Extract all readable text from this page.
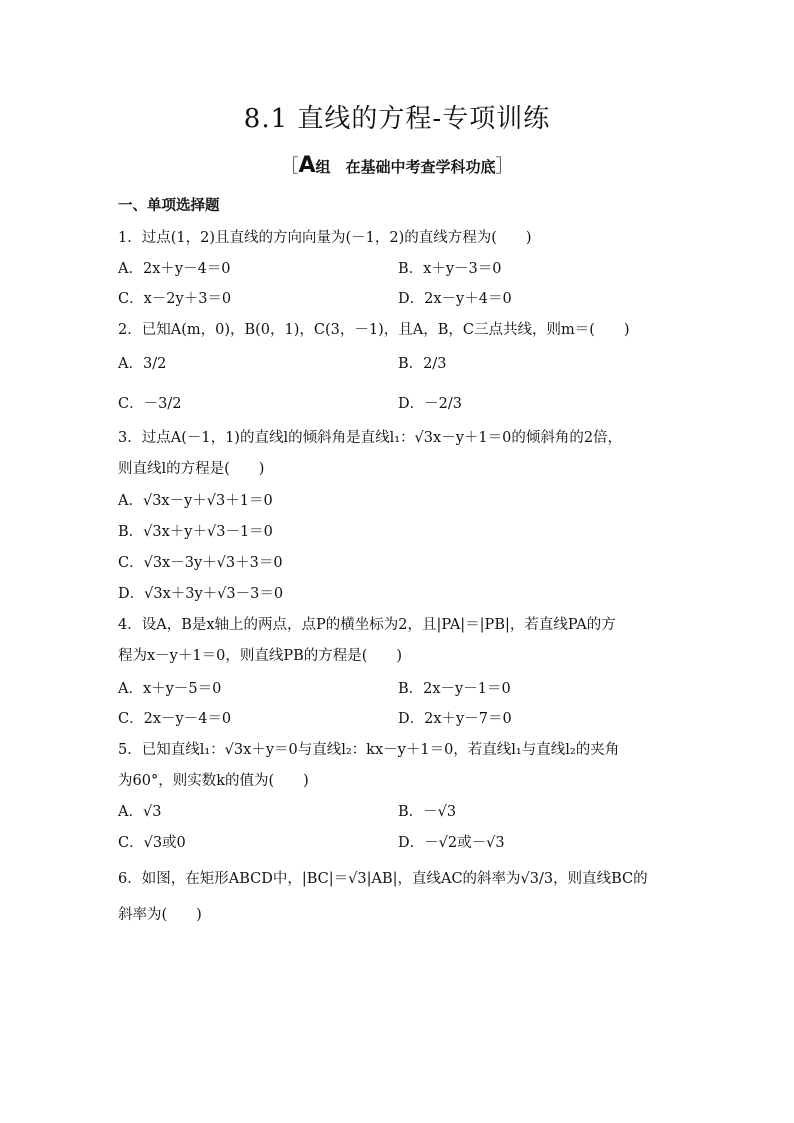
8.1 直线的方程-专项训练
［A组　在基础中考查学科功底］
一、单项选择题
1．过点(1，2)且直线的方向向量为(－1，2)的直线方程为(　　)
A．2x＋y－4＝0	B．x＋y－3＝0
C．x－2y＋3＝0	D．2x－y＋4＝0
2．已知A(m，0)，B(0，1)，C(3，－1)，且A，B，C三点共线，则m＝(　　)
A．3/2	B．2/3
C．－3/2	D．－2/3
3．过点A(－1，1)的直线l的倾斜角是直线l₁：√3x－y＋1＝0的倾斜角的2倍，
则直线l的方程是(　　)
A．√3x－y＋√3＋1＝0
B．√3x＋y＋√3－1＝0
C．√3x－3y＋√3＋3＝0
D．√3x＋3y＋√3－3＝0
4．设A，B是x轴上的两点，点P的横坐标为2，且|PA|＝|PB|，若直线PA的方
程为x－y＋1＝0，则直线PB的方程是(　　)
A．x＋y－5＝0	B．2x－y－1＝0
C．2x－y－4＝0	D．2x＋y－7＝0
5．已知直线l₁：√3x＋y＝0与直线l₂：kx－y＋1＝0，若直线l₁与直线l₂的夹角
为60°，则实数k的值为(　　)
A．√3	B．－√3
C．√3或0	D．－√2或－√3
6．如图，在矩形ABCD中，|BC|＝√3|AB|，直线AC的斜率为√3/3，则直线BC的
斜率为(　　)
